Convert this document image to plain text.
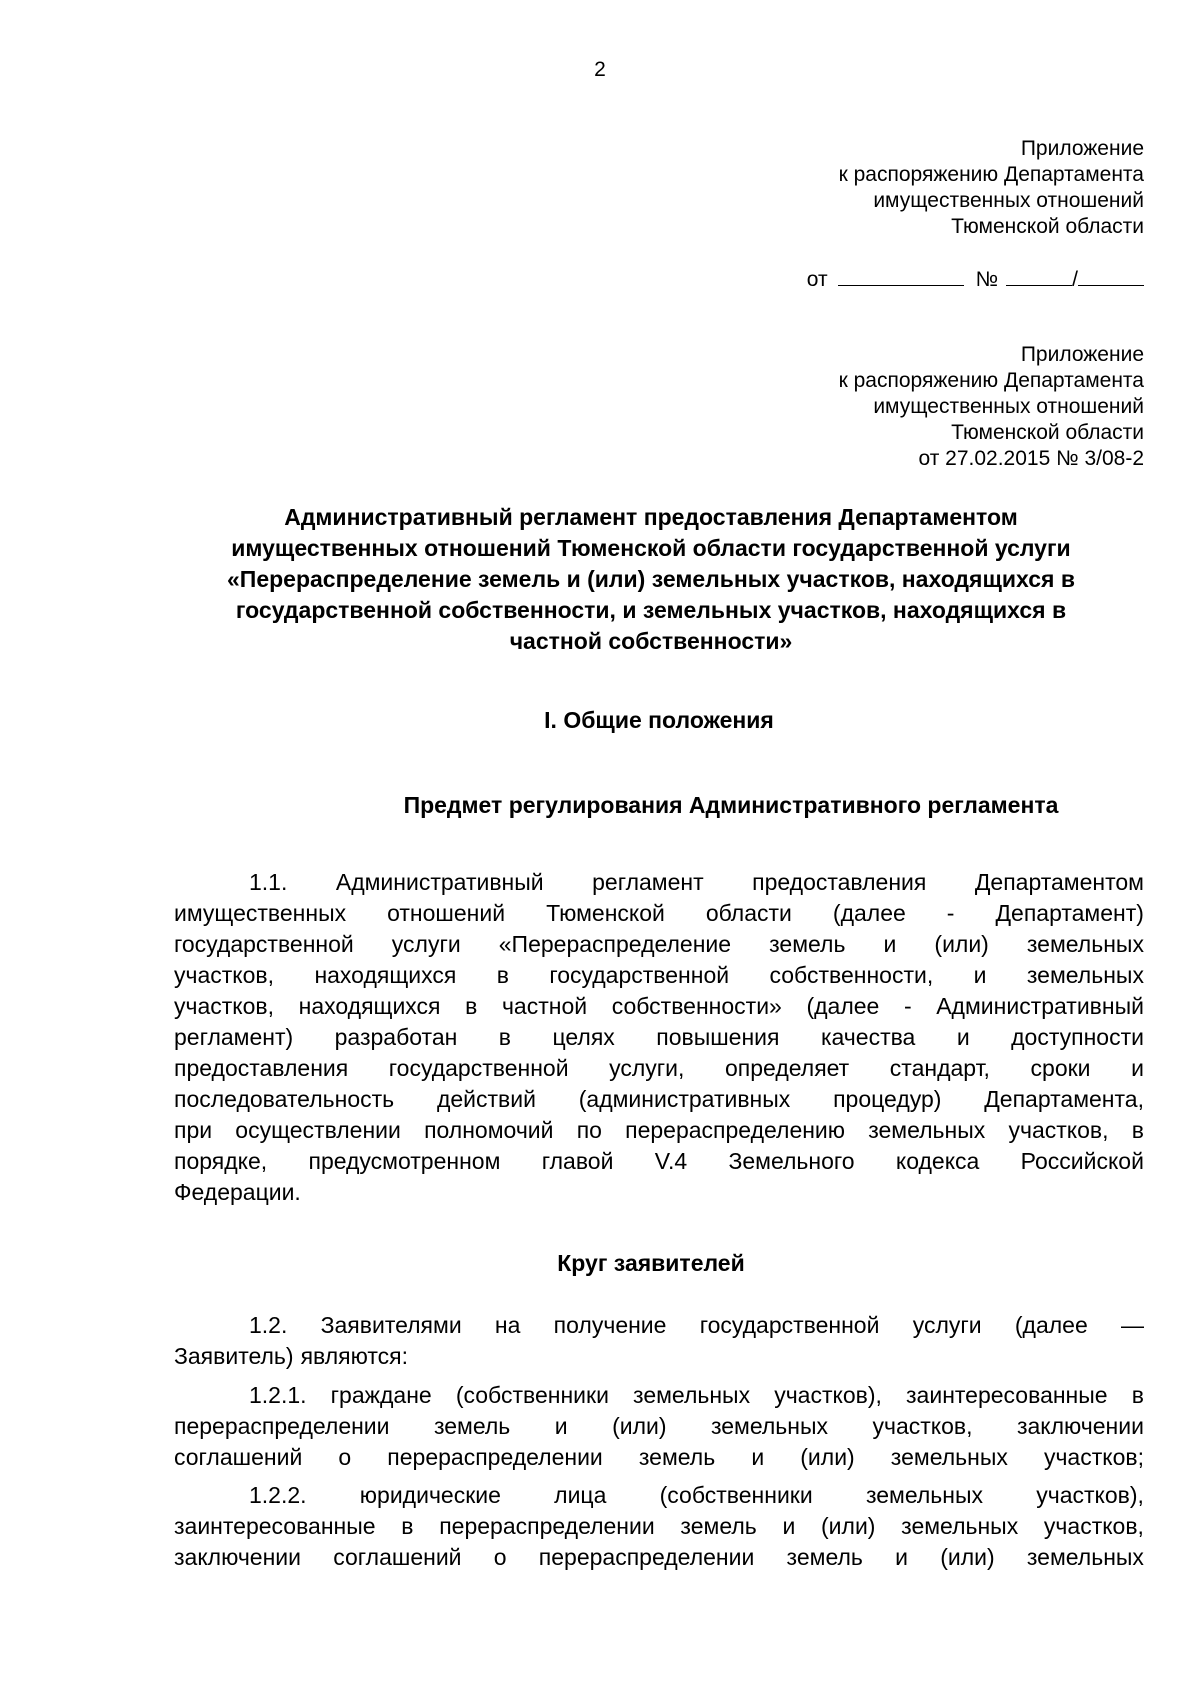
2
Приложение
к распоряжению Департамента
имущественных отношений
Тюменской области
от	№	/
Приложение
к распоряжению Департамента
имущественных отношений
Тюменской области
от 27.02.2015 № 3/08-2
Административный регламент предоставления Департаментом
имущественных отношений Тюменской области государственной услуги
«Перераспределение земель и (или) земельных участков, находящихся в
государственной собственности, и земельных участков, находящихся в
частной собственности»
I. Общие положения
Предмет регулирования Административного регламента
1.1. Административный регламент предоставления Департаментом
имущественных отношений Тюменской области (далее - Департамент)
государственной услуги «Перераспределение земель и (или) земельных
участков, находящихся в государственной собственности, и земельных
участков, находящихся в частной собственности» (далее - Административный
регламент) разработан в целях повышения качества и доступности
предоставления государственной услуги, определяет стандарт, сроки и
последовательность действий (административных процедур) Департамента,
при осуществлении полномочий по перераспределению земельных участков, в
порядке, предусмотренном главой V.4 Земельного кодекса Российской
Федерации.
Круг заявителей
1.2. Заявителями на получение государственной услуги (далее —
Заявитель) являются:
1.2.1. граждане (собственники земельных участков), заинтересованные в
перераспределении земель и (или) земельных участков, заключении
соглашений о перераспределении земель и (или) земельных участков;
1.2.2. юридические лица (собственники земельных участков),
заинтересованные в перераспределении земель и (или) земельных участков,
заключении соглашений о перераспределении земель и (или) земельных
